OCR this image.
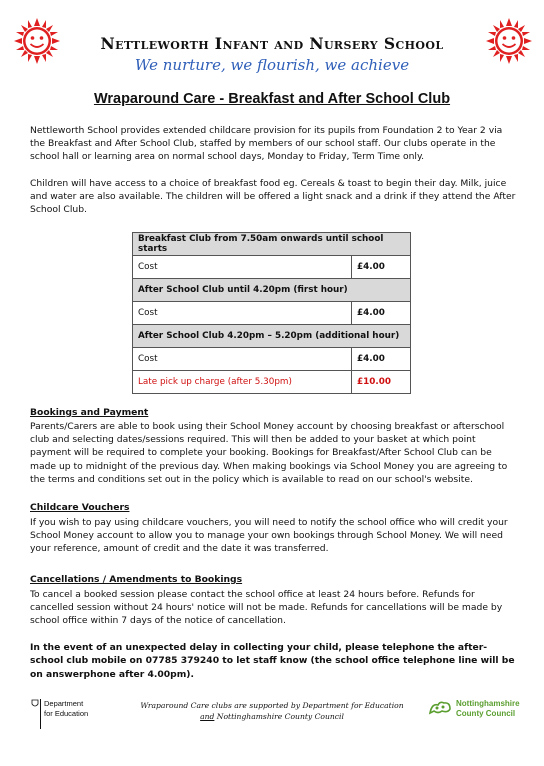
Nettleworth Infant and Nursery School
We nurture, we flourish, we achieve
Wraparound Care - Breakfast and After School Club

Nettleworth School provides extended childcare provision for its pupils from Foundation 2 to Year 2 via the Breakfast and After School Club, staffed by members of our school staff. Our clubs operate in the school hall or learning area on normal school days, Monday to Friday, Term Time only.

Children will have access to a choice of breakfast food eg. Cereals & toast to begin their day. Milk, juice and water are also available. The children will be offered a light snack and a drink if they attend the After School Club.

Breakfast Club from 7.50am onwards until school starts	
Cost	£4.00
After School Club until 4.20pm (first hour)	
Cost	£4.00
After School Club 4.20pm – 5.20pm (additional hour)	
Cost	£4.00
Late pick up charge (after 5.30pm)	£10.00
Bookings and Payment

Parents/Carers are able to book using their School Money account by choosing breakfast or afterschool club and selecting dates/sessions required. This will then be added to your basket at which point payment will be required to complete your booking. Bookings for Breakfast/After School Club can be made up to midnight of the previous day. When making bookings via School Money you are agreeing to the terms and conditions set out in the policy which is available to read on our school's website.

Childcare Vouchers

If you wish to pay using childcare vouchers, you will need to notify the school office who will credit your School Money account to allow you to manage your own bookings through School Money. We will need your reference, amount of credit and the date it was transferred.

Cancellations / Amendments to Bookings

To cancel a booked session please contact the school office at least 24 hours before. Refunds for cancelled session without 24 hours' notice will not be made. Refunds for cancellations will be made by school office within 7 days of the notice of cancellation.

In the event of an unexpected delay in collecting your child, please telephone the after-school club mobile on 07785 379240 to let staff know (the school office telephone line will be on answerphone after 4.00pm).

Department
for Education
Wraparound Care clubs are supported by Department for Education
and Nottinghamshire County Council
Nottinghamshire
County Council
